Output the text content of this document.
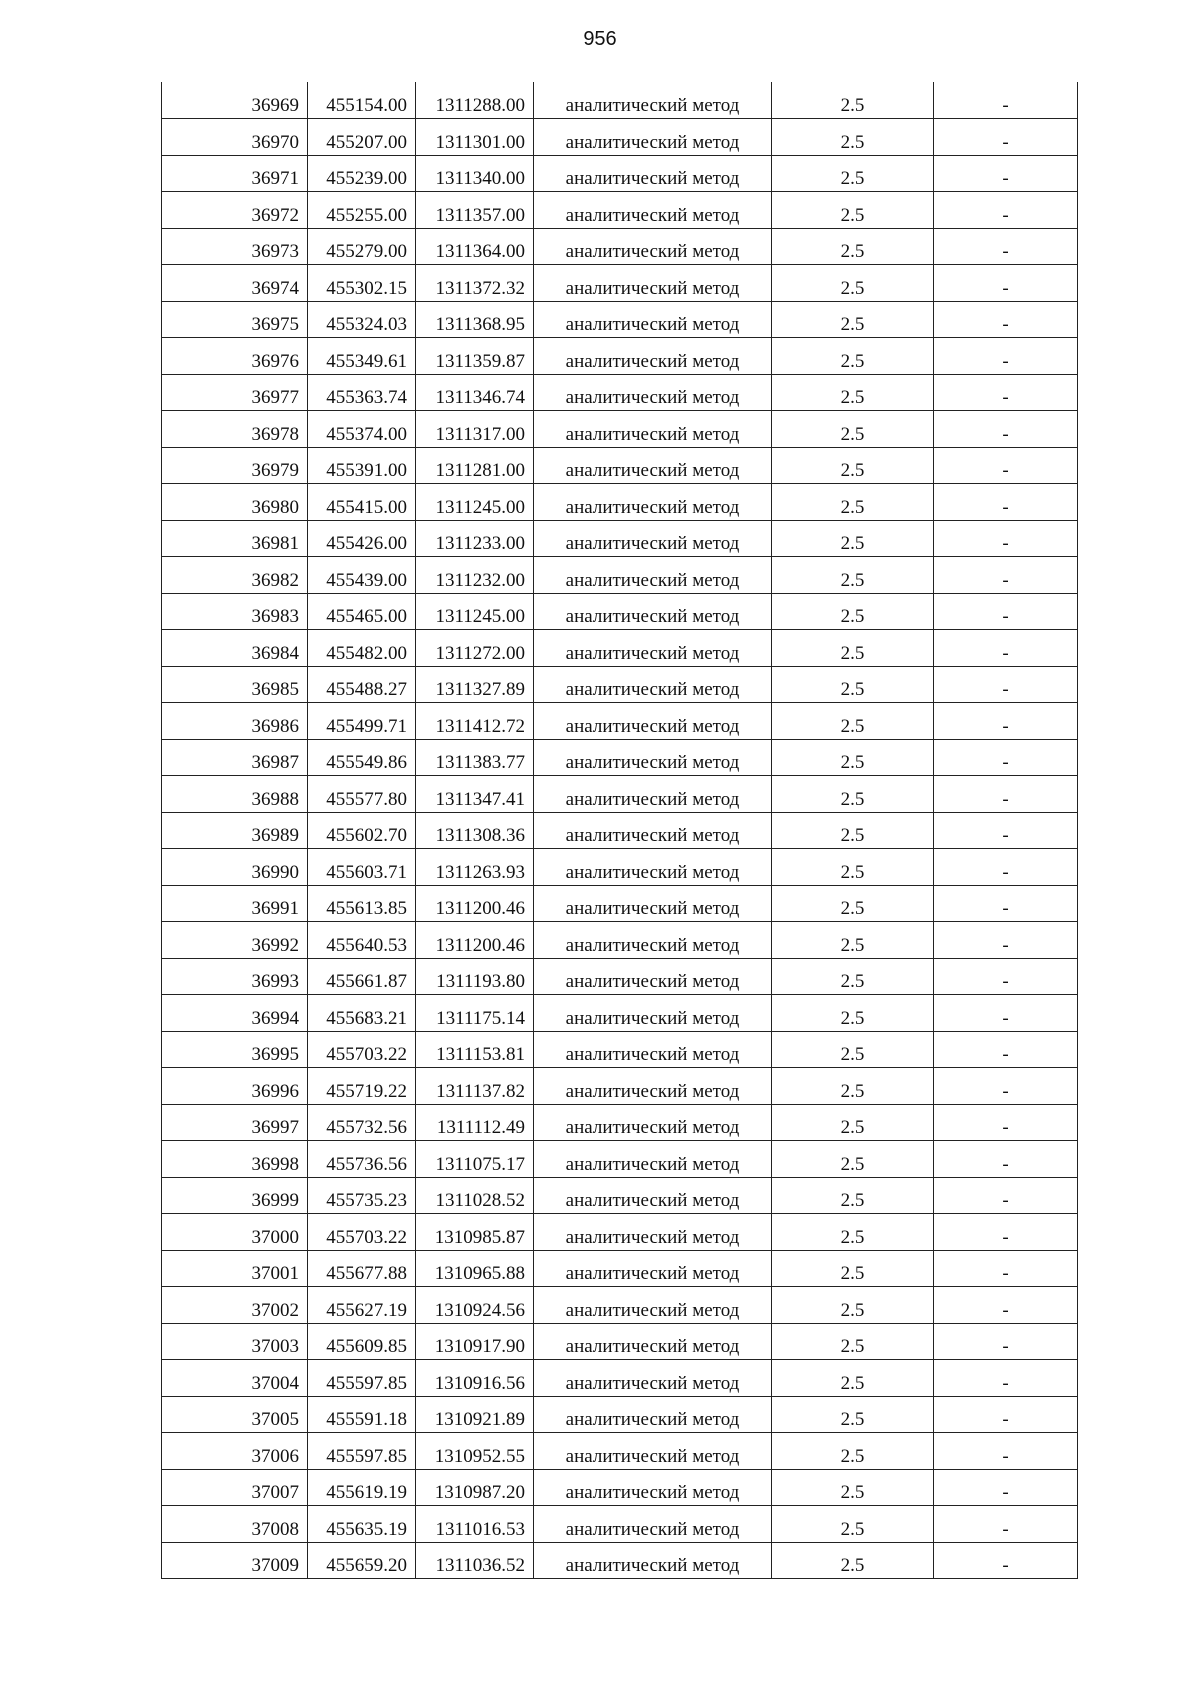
956
36969	455154.00	1311288.00	аналитический метод	2.5	-
36970	455207.00	1311301.00	аналитический метод	2.5	-
36971	455239.00	1311340.00	аналитический метод	2.5	-
36972	455255.00	1311357.00	аналитический метод	2.5	-
36973	455279.00	1311364.00	аналитический метод	2.5	-
36974	455302.15	1311372.32	аналитический метод	2.5	-
36975	455324.03	1311368.95	аналитический метод	2.5	-
36976	455349.61	1311359.87	аналитический метод	2.5	-
36977	455363.74	1311346.74	аналитический метод	2.5	-
36978	455374.00	1311317.00	аналитический метод	2.5	-
36979	455391.00	1311281.00	аналитический метод	2.5	-
36980	455415.00	1311245.00	аналитический метод	2.5	-
36981	455426.00	1311233.00	аналитический метод	2.5	-
36982	455439.00	1311232.00	аналитический метод	2.5	-
36983	455465.00	1311245.00	аналитический метод	2.5	-
36984	455482.00	1311272.00	аналитический метод	2.5	-
36985	455488.27	1311327.89	аналитический метод	2.5	-
36986	455499.71	1311412.72	аналитический метод	2.5	-
36987	455549.86	1311383.77	аналитический метод	2.5	-
36988	455577.80	1311347.41	аналитический метод	2.5	-
36989	455602.70	1311308.36	аналитический метод	2.5	-
36990	455603.71	1311263.93	аналитический метод	2.5	-
36991	455613.85	1311200.46	аналитический метод	2.5	-
36992	455640.53	1311200.46	аналитический метод	2.5	-
36993	455661.87	1311193.80	аналитический метод	2.5	-
36994	455683.21	1311175.14	аналитический метод	2.5	-
36995	455703.22	1311153.81	аналитический метод	2.5	-
36996	455719.22	1311137.82	аналитический метод	2.5	-
36997	455732.56	1311112.49	аналитический метод	2.5	-
36998	455736.56	1311075.17	аналитический метод	2.5	-
36999	455735.23	1311028.52	аналитический метод	2.5	-
37000	455703.22	1310985.87	аналитический метод	2.5	-
37001	455677.88	1310965.88	аналитический метод	2.5	-
37002	455627.19	1310924.56	аналитический метод	2.5	-
37003	455609.85	1310917.90	аналитический метод	2.5	-
37004	455597.85	1310916.56	аналитический метод	2.5	-
37005	455591.18	1310921.89	аналитический метод	2.5	-
37006	455597.85	1310952.55	аналитический метод	2.5	-
37007	455619.19	1310987.20	аналитический метод	2.5	-
37008	455635.19	1311016.53	аналитический метод	2.5	-
37009	455659.20	1311036.52	аналитический метод	2.5	-
